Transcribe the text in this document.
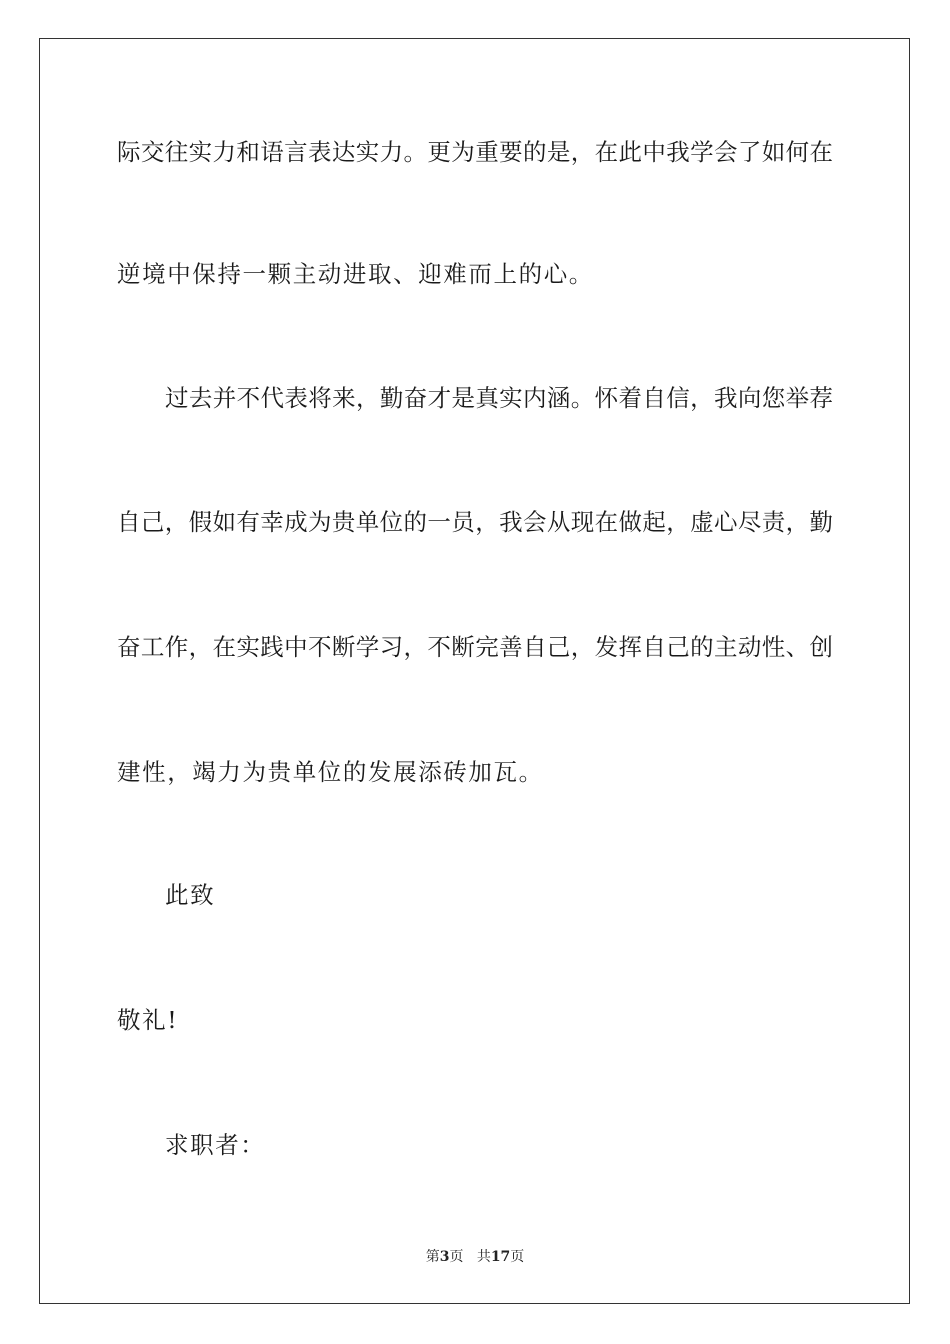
际交往实力和语言表达实力。更为重要的是，在此中我学会了如何在
逆境中保持一颗主动进取、迎难而上的心。
过去并不代表将来，勤奋才是真实内涵。怀着自信，我向您举荐
自己，假如有幸成为贵单位的一员，我会从现在做起，虚心尽责，勤
奋工作，在实践中不断学习，不断完善自己，发挥自己的主动性、创
建性，竭力为贵单位的发展添砖加瓦。
此致
敬礼!
求职者：
第3页 共17页
